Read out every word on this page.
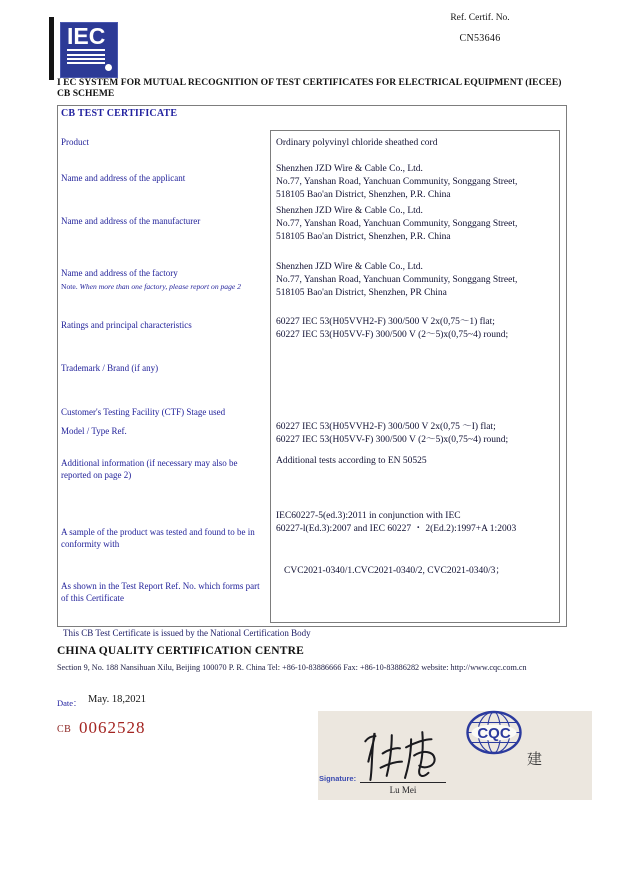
IEC
Ref. Certif. No.
CN53646
I EC SYSTEM FOR MUTUAL RECOGNITION OF TEST CERTIFICATES FOR ELECTRICAL EQUIPMENT (IECEE) CB SCHEME
CB TEST CERTIFICATE
Product
Name and address of the applicant
Name and address of the manufacturer
Name and address of the factory
Note. When more than one factory, please report on page 2
Ratings and principal characteristics
Trademark / Brand (if any)
Customer's Testing Facility (CTF) Stage used
Model / Type Ref.
Additional information (if necessary may also be reported on page 2)
A sample of the product was tested and found to be in conformity with
As shown in the Test Report Ref. No. which forms part of this Certificate
Ordinary polyvinyl chloride sheathed cord
Shenzhen JZD Wire & Cable Co., Ltd.
No.77, Yanshan Road, Yanchuan Community, Songgang Street,
518105 Bao'an District, Shenzhen, P.R. China
Shenzhen JZD Wire & Cable Co., Ltd.
No.77, Yanshan Road, Yanchuan Community, Songgang Street,
518105 Bao'an District, Shenzhen, P.R. China
Shenzhen JZD Wire & Cable Co., Ltd.
No.77, Yanshan Road, Yanchuan Community, Songgang Street,
518105 Bao'an District, Shenzhen, PR China
60227 IEC 53(H05VVH2-F) 300/500 V 2x(0,75〜1) flat;
60227 IEC 53(H05VV-F) 300/500 V (2〜5)x(0,75~4) round;
60227 IEC 53(H05VVH2-F) 300/500 V 2x(0,75 〜I) flat;
60227 IEC 53(H05VV-F) 300/500 V (2〜5)x(0,75~4) round;
Additional tests according to EN 50525
IEC60227-5(ed.3):2011 in conjunction with IEC
60227-l(Ed.3):2007 and IEC 60227 ・ 2(Ed.2):1997+A 1:2003
CVC2021-0340/1.CVC2021-0340/2, CVC2021-0340/3；
This CB Test Certificate is issued by the National Certification Body
CHINA QUALITY CERTIFICATION CENTRE
Section 9, No. 188 Nansihuan Xilu, Beijing 100070 P. R. China Tel: +86-10-83886666 Fax: +86-10-83886282 website: http://www.cqc.com.cn
Date： May. 18,2021
CB 0062528
Signature:
Lu Mei
CQC
建
